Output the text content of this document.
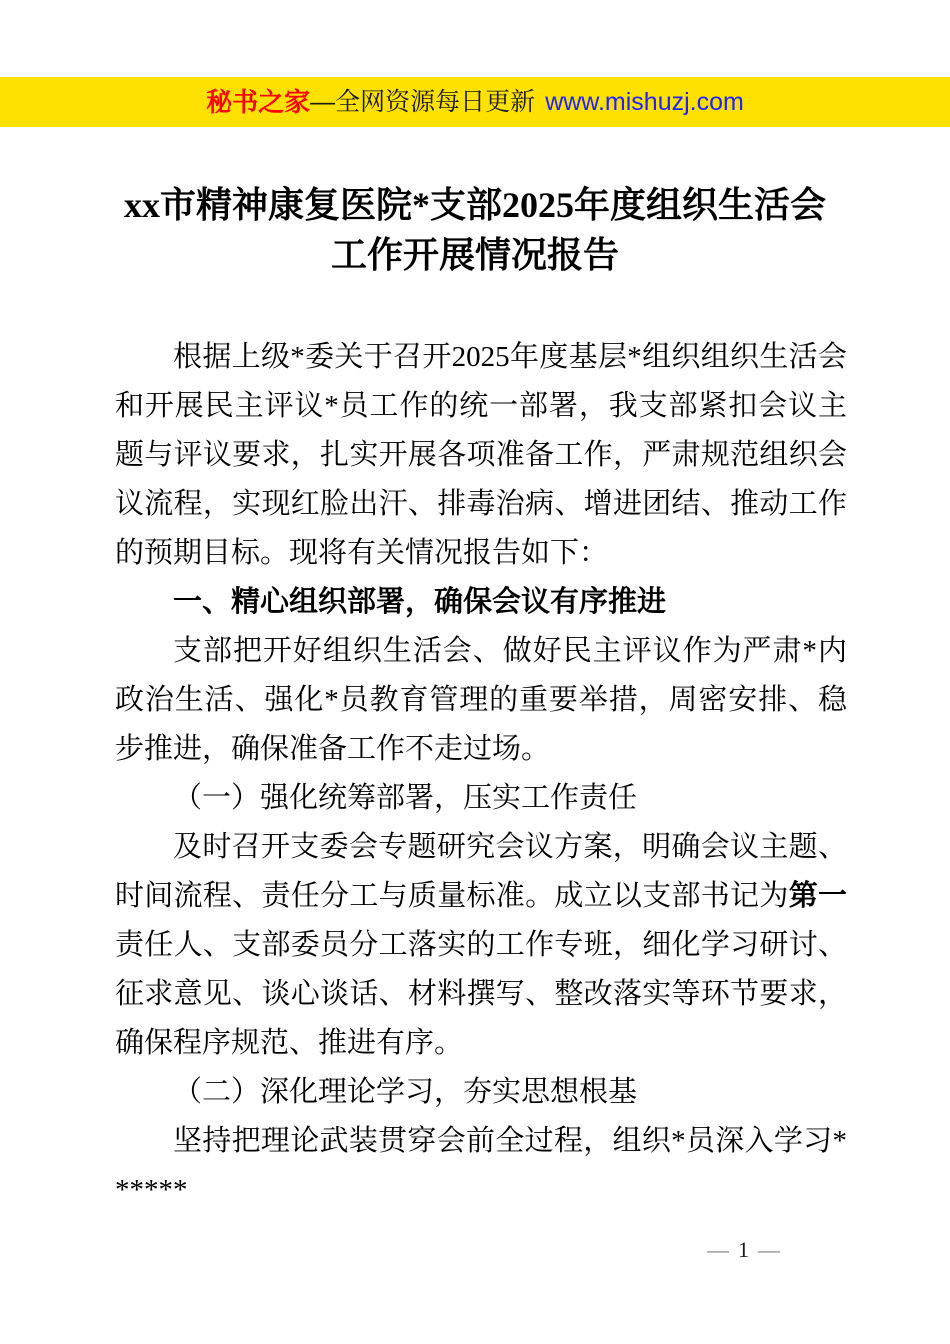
秘书之家 —全网资源每日更新 www.mishuzj.com
xx市精神康复医院*支部2025年度组织生活会
工作开展情况报告

根据上级*委关于召开2025年度基层*组织组织生活会和开展民主评议*员工作的统一部署，我支部紧扣会议主题与评议要求，扎实开展各项准备工作，严肃规范组织会议流程，实现红脸出汗、排毒治病、增进团结、推动工作的预期目标。现将有关情况报告如下：

一、精心组织部署，确保会议有序推进

支部把开好组织生活会、做好民主评议作为严肃*内政治生活、强化*员教育管理的重要举措，周密安排、稳步推进，确保准备工作不走过场。

（一）强化统筹部署，压实工作责任

及时召开支委会专题研究会议方案，明确会议主题、时间流程、责任分工与质量标准。成立以支部书记为第一责任人、支部委员分工落实的工作专班，细化学习研讨、征求意见、谈心谈话、材料撰写、整改落实等环节要求，确保程序规范、推进有序。

（二）深化理论学习，夯实思想根基

坚持把理论武装贯穿会前全过程，组织*员深入学习******

— 1 —
